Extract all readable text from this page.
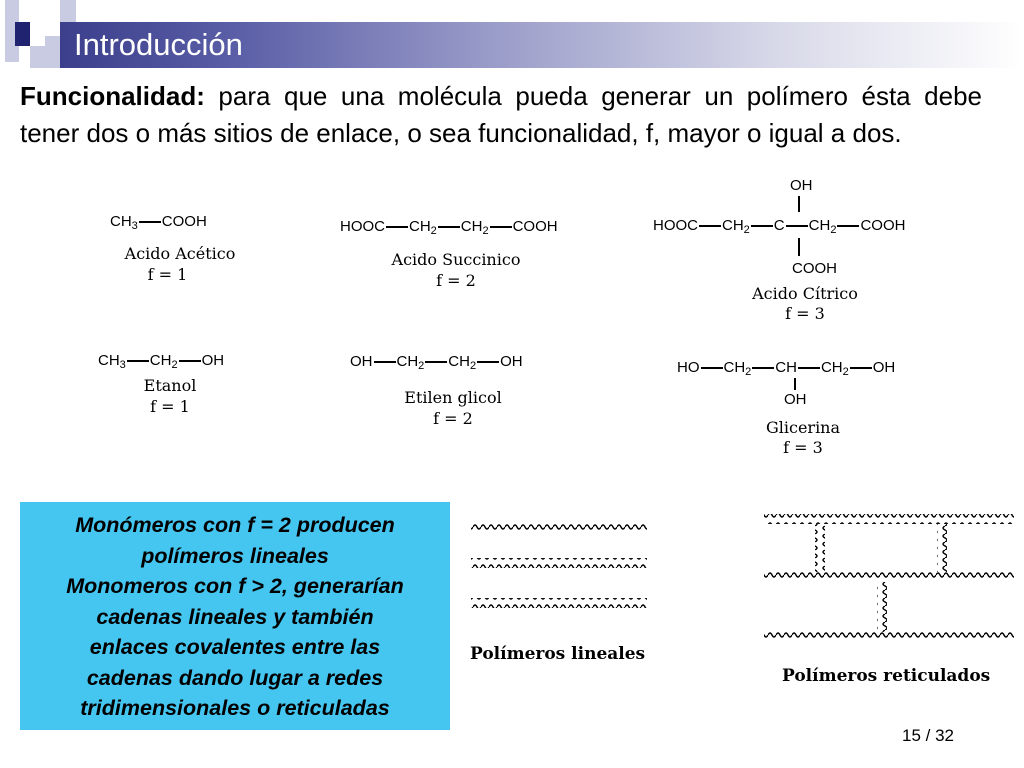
Introducción
Funcionalidad: para que una molécula pueda generar un polímero ésta debe tener dos o más sitios de enlace, o sea funcionalidad, f, mayor o igual a dos.
$CH_3$ COOH
Acido Acético
f = 1
HOOC $CH_2$ $CH_2$ COOH
Acido Succinico
f = 2
OH
HOOC $CH_2$ C $CH_2$ COOH
COOH
Acido Cítrico
f = 3
$CH_3$ $CH_2$ OH
Etanol
f = 1
OH $CH_2$ $CH_2$ OH
Etilen glicol
f = 2
HO $CH_2$ CH $CH_2$ OH
OH
Glicerina
f = 3
Monómeros con f = 2 producen
polímeros lineales
Monomeros con f > 2, generarían
cadenas lineales y también
enlaces covalentes entre las
cadenas dando lugar a redes
tridimensionales o reticuladas
Polímeros lineales
Polímeros reticulados
15 / 32
